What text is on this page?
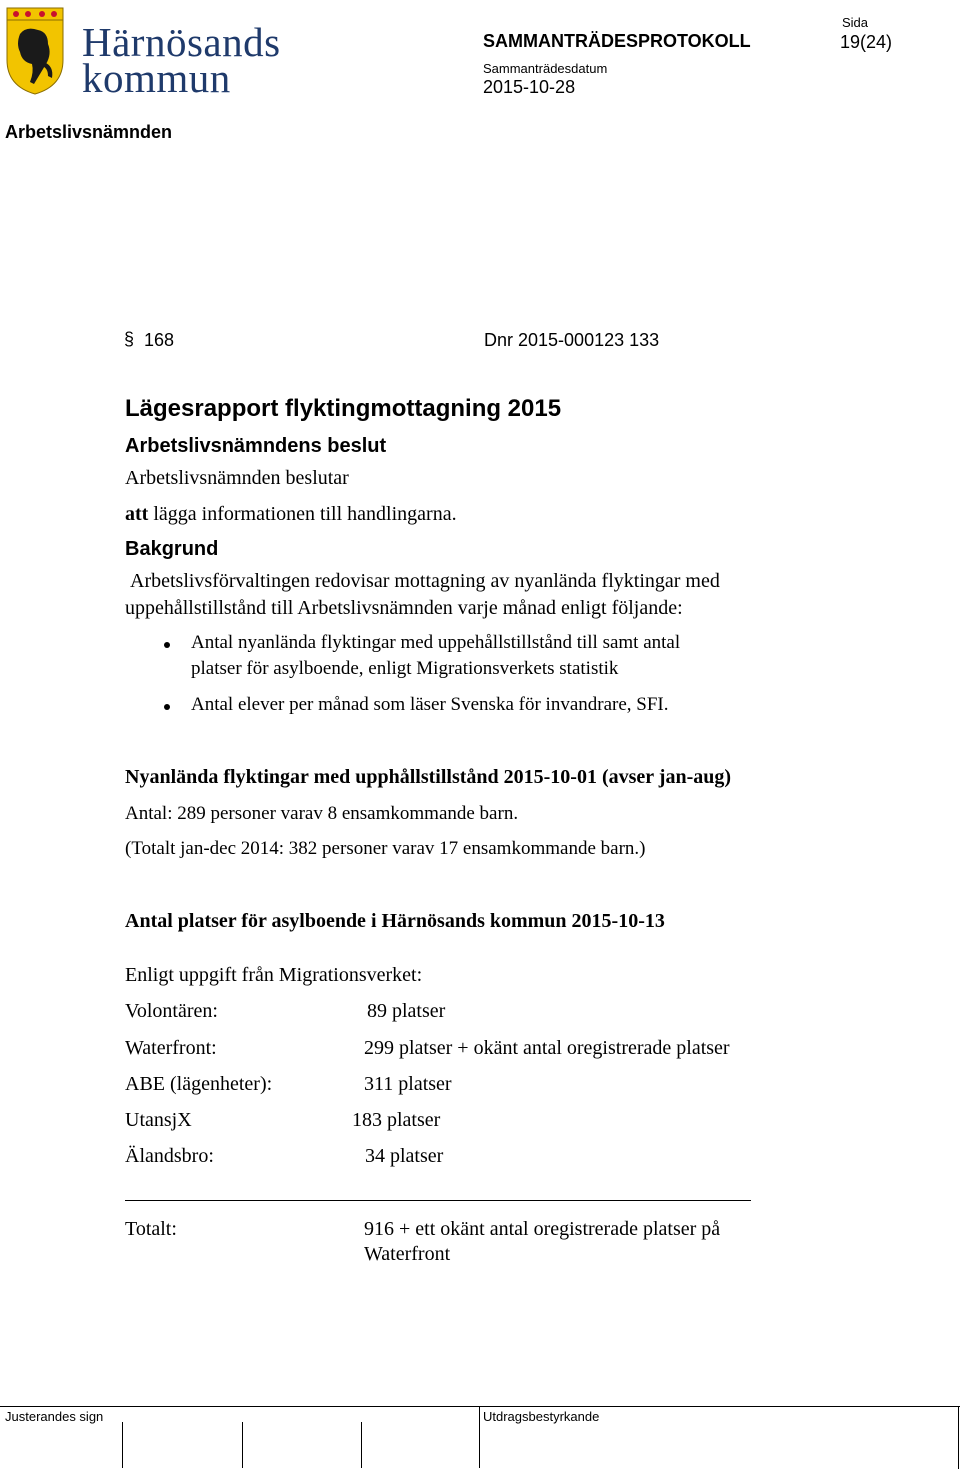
Härnösands
kommun
SAMMANTRÄDESPROTOKOLL
Sida
19(24)
Sammanträdesdatum
2015-10-28
Arbetslivsnämnden
§ 168	Dnr 2015-000123 133
Lägesrapport flyktingmottagning 2015
Arbetslivsnämndens beslut
Arbetslivsnämnden beslutar
att lägga informationen till handlingarna.
Bakgrund
Arbetslivsförvaltingen redovisar mottagning av nyanlända flyktingar med
uppehållstillstånd till Arbetslivsnämnden varje månad enligt följande:
Antal nyanlända flyktingar med uppehållstillstånd till samt antal
platser för asylboende, enligt Migrationsverkets statistik
Antal elever per månad som läser Svenska för invandrare, SFI.
Nyanlända flyktingar med upphållstillstånd 2015-10-01 (avser jan-aug)
Antal: 289 personer varav 8 ensamkommande barn.
(Totalt jan-dec 2014: 382 personer varav 17 ensamkommande barn.)
Antal platser för asylboende i Härnösands kommun 2015-10-13
Enligt uppgift från Migrationsverket:
Volontären:	89 platser
Waterfront:	299 platser + okänt antal oregistrerade platser
ABE (lägenheter):	311 platser
UtansjX	183 platser
Älandsbro:	34 platser
Totalt:	916 + ett okänt antal oregistrerade platser på
Waterfront
Justerandes sign	Utdragsbestyrkande
